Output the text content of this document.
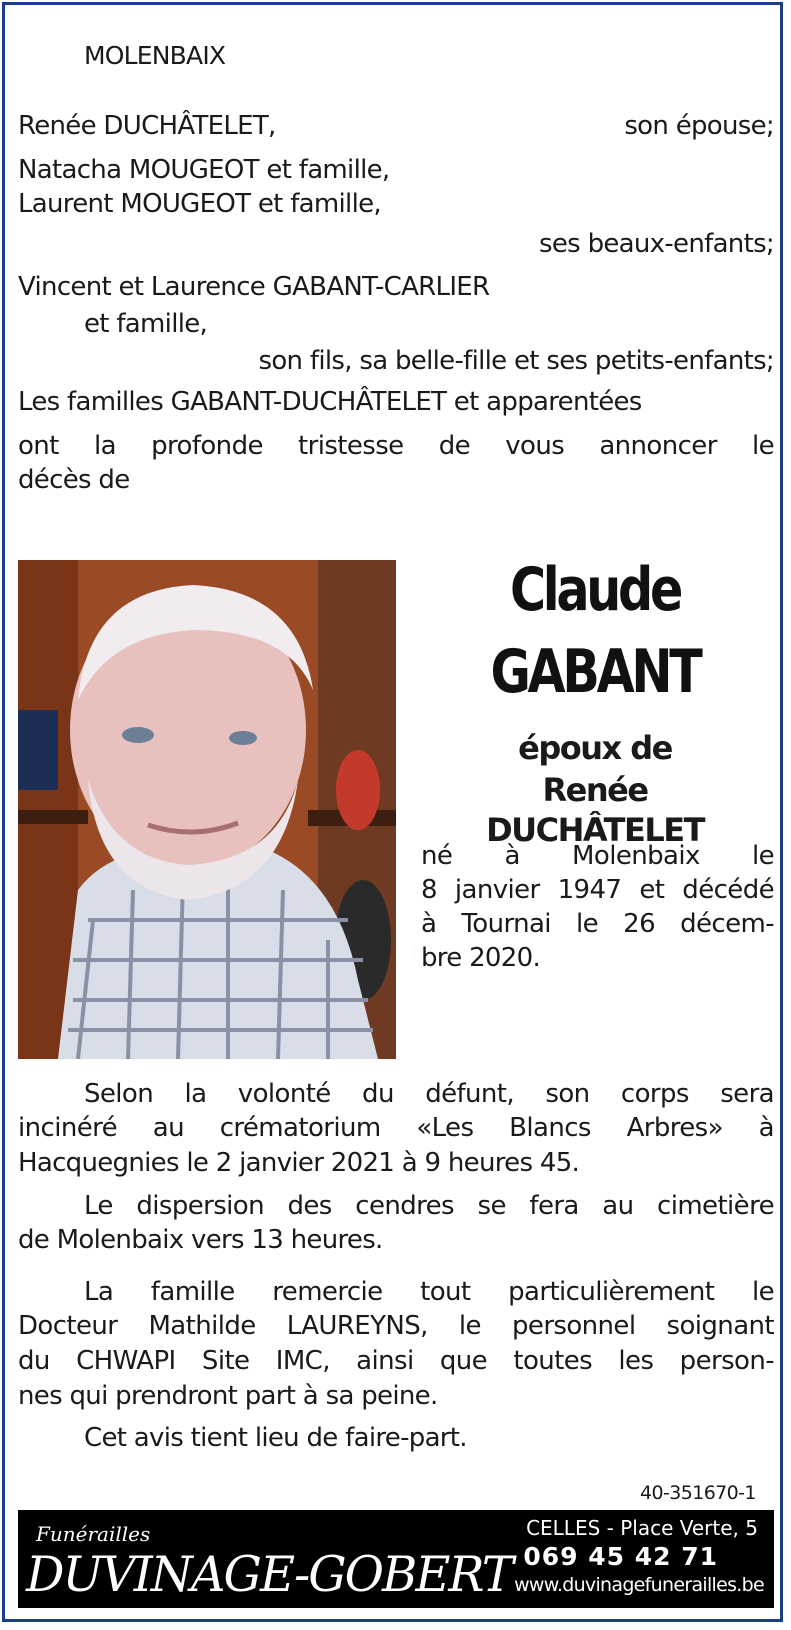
MOLENBAIX
Renée DUCHÂTELET,	son épouse;
Natacha MOUGEOT et famille,
Laurent MOUGEOT et famille,
ses beaux-enfants;
Vincent et Laurence GABANT-CARLIER
et famille,
son fils, sa belle-fille et ses petits-enfants;
Les familles GABANT-DUCHÂTELET et apparentées
ont la profonde tristesse de vous annoncer le
décès de
Claude
GABANT
époux de
Renée DUCHÂTELET
né à Molenbaix le
8 janvier 1947 et décédé
à Tournai le 26 décem-
bre 2020.
Selon la volonté du défunt, son corps sera
inciné​ré au crématorium «Les Blancs Arbres» à
Hacquegnies le 2 janvier 2021 à 9 heures 45.
Le dispersion des cendres se fera au cimetière
de Molenbaix vers 13 heures.
La famille remercie tout particulièrement le
Docteur Mathilde LAUREYNS, le personnel soignant
du CHWAPI Site IMC, ainsi que toutes les person-
nes qui prendront part à sa peine.
Cet avis tient lieu de faire-part.
40-351670-1
Funérailles
DUVINAGE-GOBERT
CELLES - Place Verte, 5
069 45 42 71
www.duvinagefunerailles.be
